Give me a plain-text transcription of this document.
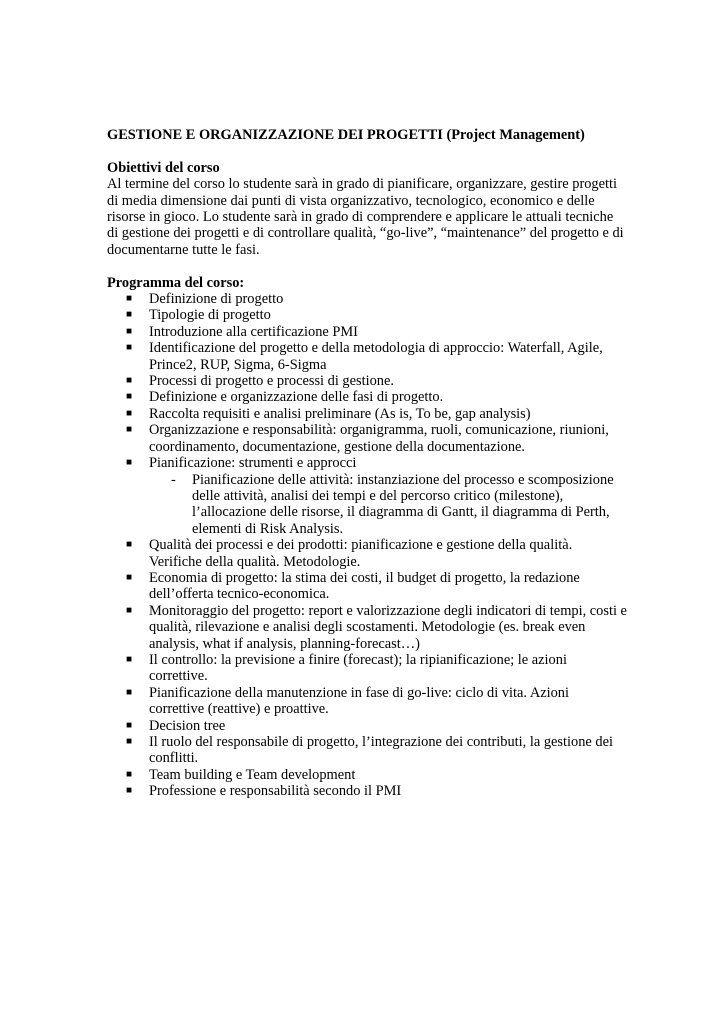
GESTIONE E ORGANIZZAZIONE DEI PROGETTI (Project Management)

Obiettivi del corso

Al termine del corso lo studente sarà in grado di pianificare, organizzare, gestire progetti di media dimensione dai punti di vista organizzativo, tecnologico, economico e delle risorse in gioco. Lo studente sarà in grado di comprendere e applicare le attuali tecniche di gestione dei progetti e di controllare qualità, “go-live”, “maintenance” del progetto e di documentarne tutte le fasi.

Programma del corso:

■ Definizione di progetto
■ Tipologie di progetto
■ Introduzione alla certificazione PMI
■ Identificazione del progetto e della metodologia di approccio: Waterfall, Agile, Prince2, RUP, Sigma, 6-Sigma
■ Processi di progetto e processi di gestione.
■ Definizione e organizzazione delle fasi di progetto.
■ Raccolta requisiti e analisi preliminare (As is, To be, gap analysis)
■ Organizzazione e responsabilità: organigramma, ruoli, comunicazione, riunioni, coordinamento, documentazione, gestione della documentazione.
■ Pianificazione: strumenti e approcci
- Pianificazione delle attività: instanziazione del processo e scomposizione delle attività, analisi dei tempi e del percorso critico (milestone), l’allocazione delle risorse, il diagramma di Gantt, il diagramma di Perth, elementi di Risk Analysis.
■ Qualità dei processi e dei prodotti: pianificazione e gestione della qualità. Verifiche della qualità. Metodologie.
■ Economia di progetto: la stima dei costi, il budget di progetto, la redazione dell’offerta tecnico-economica.
■ Monitoraggio del progetto: report e valorizzazione degli indicatori di tempi, costi e qualità, rilevazione e analisi degli scostamenti. Metodologie (es. break even analysis, what if analysis, planning-forecast…)
■ Il controllo: la previsione a finire (forecast); la ripianificazione; le azioni correttive.
■ Pianificazione della manutenzione in fase di go-live: ciclo di vita. Azioni correttive (reattive) e proattive.
■ Decision tree
■ Il ruolo del responsabile di progetto, l’integrazione dei contributi, la gestione dei conflitti.
■ Team building e Team development
■ Professione e responsabilità secondo il PMI
